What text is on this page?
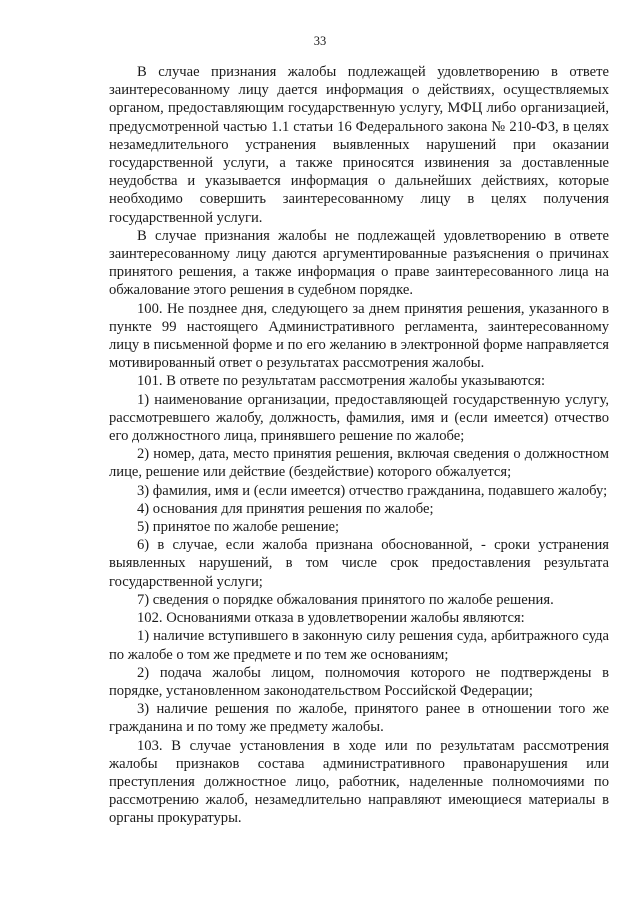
33

В случае признания жалобы подлежащей удовлетворению в ответе заинтересованному лицу дается информация о действиях, осуществляемых органом, предоставляющим государственную услугу, МФЦ либо организацией, предусмотренной частью 1.1 статьи 16 Федерального закона № 210-ФЗ, в целях незамедлительного устранения выявленных нарушений при оказании государственной услуги, а также приносятся извинения за доставленные неудобства и указывается информация о дальнейших действиях, которые необходимо совершить заинтересованному лицу в целях получения государственной услуги.

В случае признания жалобы не подлежащей удовлетворению в ответе заинтересованному лицу даются аргументированные разъяснения о причинах принятого решения, а также информация о праве заинтересованного лица на обжалование этого решения в судебном порядке.

100. Не позднее дня, следующего за днем принятия решения, указанного в пункте 99 настоящего Административного регламента, заинтересованному лицу в письменной форме и по его желанию в электронной форме направляется мотивированный ответ о результатах рассмотрения жалобы.

101. В ответе по результатам рассмотрения жалобы указываются:

1) наименование организации, предоставляющей государственную услугу, рассмотревшего жалобу, должность, фамилия, имя и (если имеется) отчество его должностного лица, принявшего решение по жалобе;

2) номер, дата, место принятия решения, включая сведения о должностном лице, решение или действие (бездействие) которого обжалуется;

3) фамилия, имя и (если имеется) отчество гражданина, подавшего жалобу;

4) основания для принятия решения по жалобе;

5) принятое по жалобе решение;

6) в случае, если жалоба признана обоснованной, - сроки устранения выявленных нарушений, в том числе срок предоставления результата государственной услуги;

7) сведения о порядке обжалования принятого по жалобе решения.

102. Основаниями отказа в удовлетворении жалобы являются:

1) наличие вступившего в законную силу решения суда, арбитражного суда по жалобе о том же предмете и по тем же основаниям;

2) подача жалобы лицом, полномочия которого не подтверждены в порядке, установленном законодательством Российской Федерации;

3) наличие решения по жалобе, принятого ранее в отношении того же гражданина и по тому же предмету жалобы.

103. В случае установления в ходе или по результатам рассмотрения жалобы признаков состава административного правонарушения или преступления должностное лицо, работник, наделенные полномочиями по рассмотрению жалоб, незамедлительно направляют имеющиеся материалы в органы прокуратуры.
